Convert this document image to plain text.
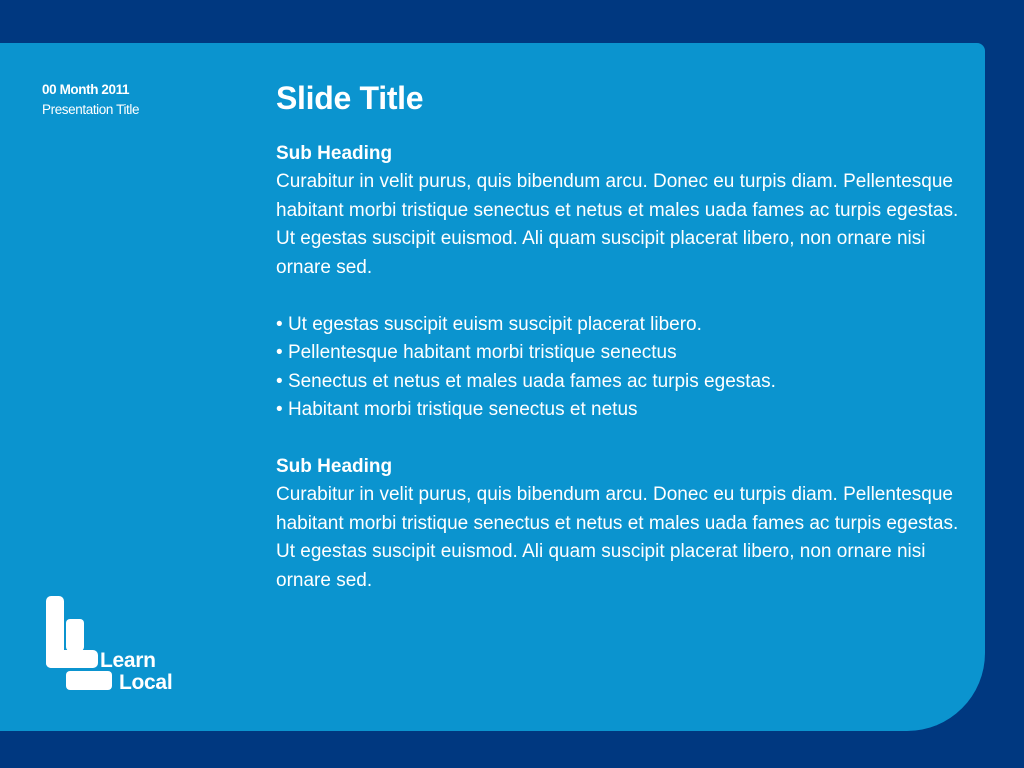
00 Month 2011
Presentation Title	Slide Title

Sub Heading

Curabitur in velit purus, quis bibendum arcu. Donec eu turpis diam. Pellentesque habitant morbi tristique senectus et netus et males uada fames ac turpis egestas. Ut egestas suscipit euismod. Ali quam suscipit placerat libero, non ornare nisi ornare sed.

• Ut egestas suscipit euism suscipit placerat libero.
• Pellentesque habitant morbi tristique senectus
• Senectus et netus et males uada fames ac turpis egestas.
• Habitant morbi tristique senectus et netus

Sub Heading

Curabitur in velit purus, quis bibendum arcu. Donec eu turpis diam. Pellentesque habitant morbi tristique senectus et netus et males uada fames ac turpis egestas. Ut egestas suscipit euismod. Ali quam suscipit placerat libero, non ornare nisi ornare sed.

Learn
Local
